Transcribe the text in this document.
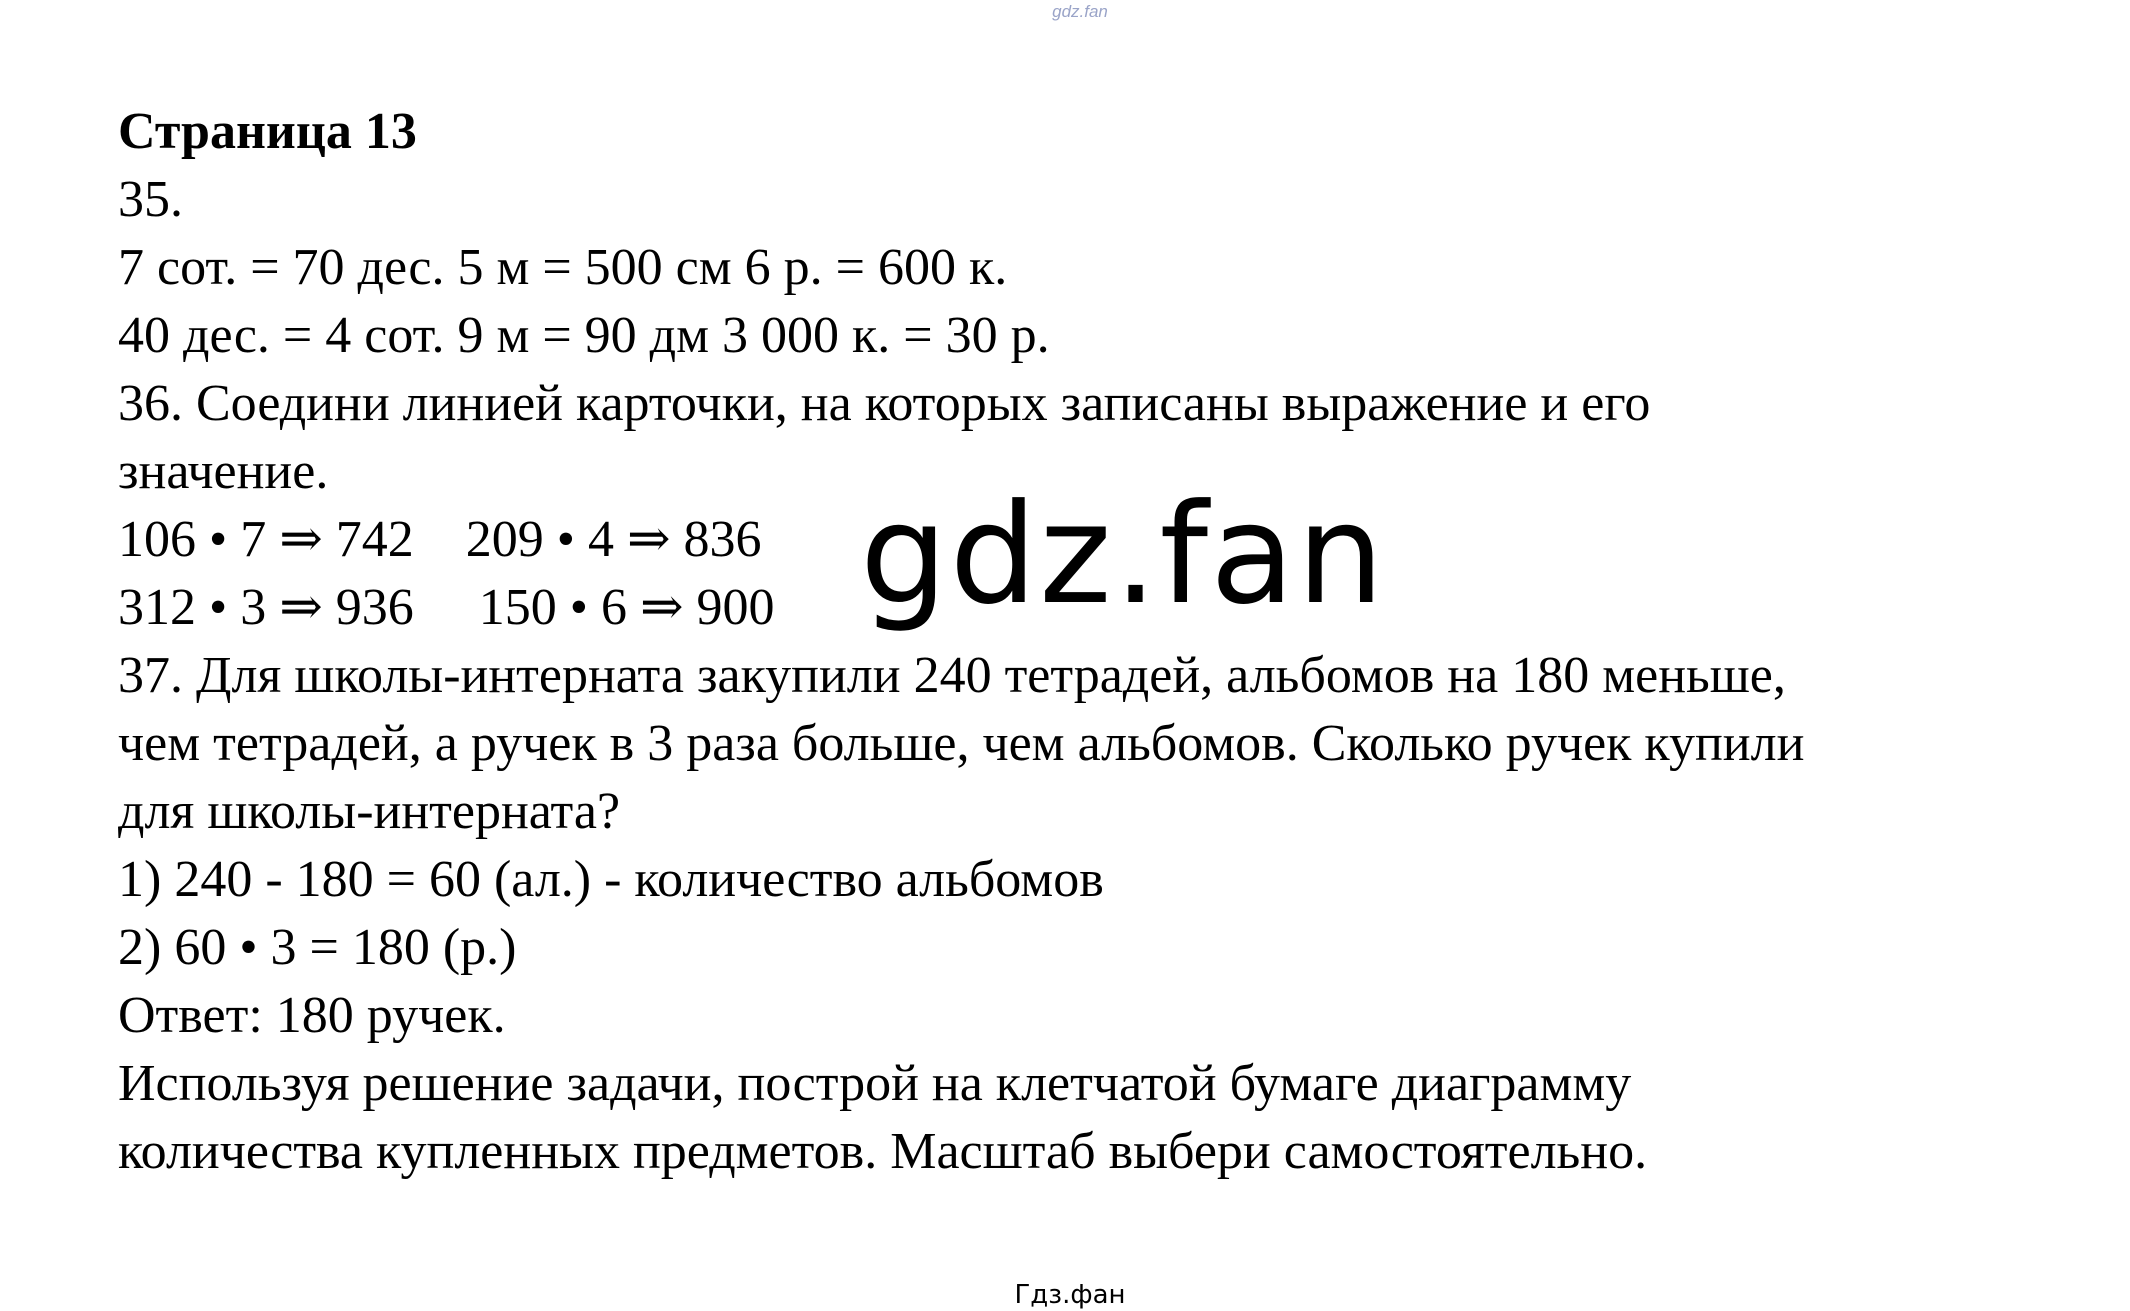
gdz.fan
Страница 13
35.
7 сот. = 70 дес. 5 м = 500 см 6 р. = 600 к.
40 дес. = 4 сот. 9 м = 90 дм 3 000 к. = 30 р.
36. Соедини линией карточки, на которых записаны выражение и его
значение.
106 • 7 ⇒ 742    209 • 4 ⇒ 836
312 • 3 ⇒ 936     150 • 6 ⇒ 900
37. Для школы-интерната закупили 240 тетрадей, альбомов на 180 меньше,
чем тетрадей, а ручек в 3 раза больше, чем альбомов. Сколько ручек купили
для школы-интерната?
1) 240 - 180 = 60 (ал.) - количество альбомов
2) 60 • 3 = 180 (р.)
Ответ: 180 ручек.
Используя решение задачи, построй на клетчатой бумаге диаграмму
количества купленных предметов. Масштаб выбери самостоятельно.
gdz.fan
Гдз.фан
